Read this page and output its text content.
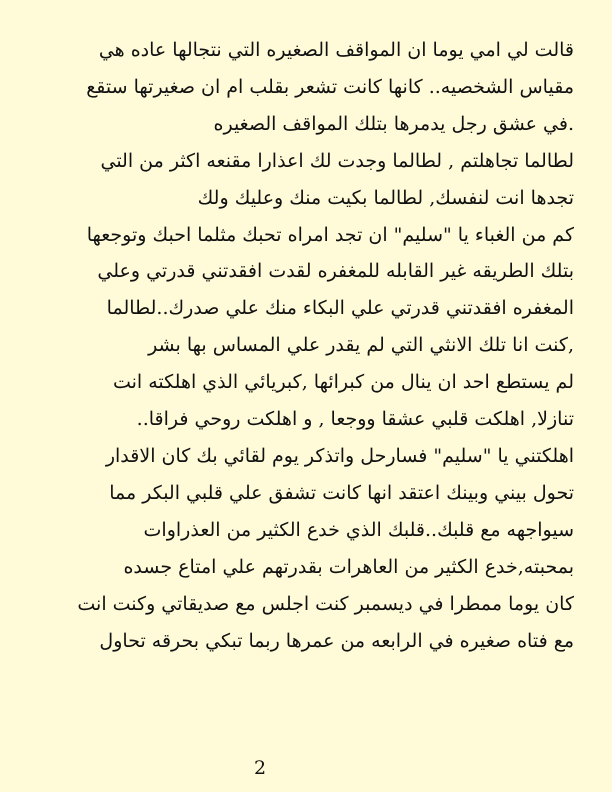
قالت لي امي يوما ان المواقف الصغيره التي نتجالها عاده هي
مقياس الشخصيه.. كانها كانت تشعر بقلب ام ان صغيرتها ستقع
.في عشق رجل يدمرها بتلك المواقف الصغيره
لطالما تجاهلتم , لطالما وجدت لك اعذارا مقنعه اكثر من التي
تجدها انت لنفسك, لطالما بكيت منك وعليك ولك
كم من الغباء يا "سليم" ان تجد امراه تحبك مثلما احبك وتوجعها
بتلك الطريقه غير القابله للمغفره لقدت افقدتني قدرتي وعلي
المغفره افقدتني قدرتي علي البكاء منك علي صدرك..لطالما
,كنت انا تلك الانثي التي لم يقدر علي المساس بها بشر
لم يستطع احد ان ينال من كبرائها ,كبريائي الذي اهلكته انت
تنازلا, اهلكت قلبي عشقا ووجعا , و اهلكت روحي فراقا..
اهلكتني يا "سليم" فسارحل واتذكر يوم لقائي بك كان الاقدار
تحول بيني وبينك اعتقد انها كانت تشفق علي قلبي البكر مما
سيواجهه مع قلبك..قلبك الذي خدع الكثير من العذراوات
بمحبته,خدع الكثير من العاهرات بقدرتهم علي امتاع جسده
كان يوما ممطرا في ديسمبر كنت اجلس مع صديقاتي وكنت انت
مع فتاه صغيره في الرابعه من عمرها ربما تبكي بحرقه تحاول
2
